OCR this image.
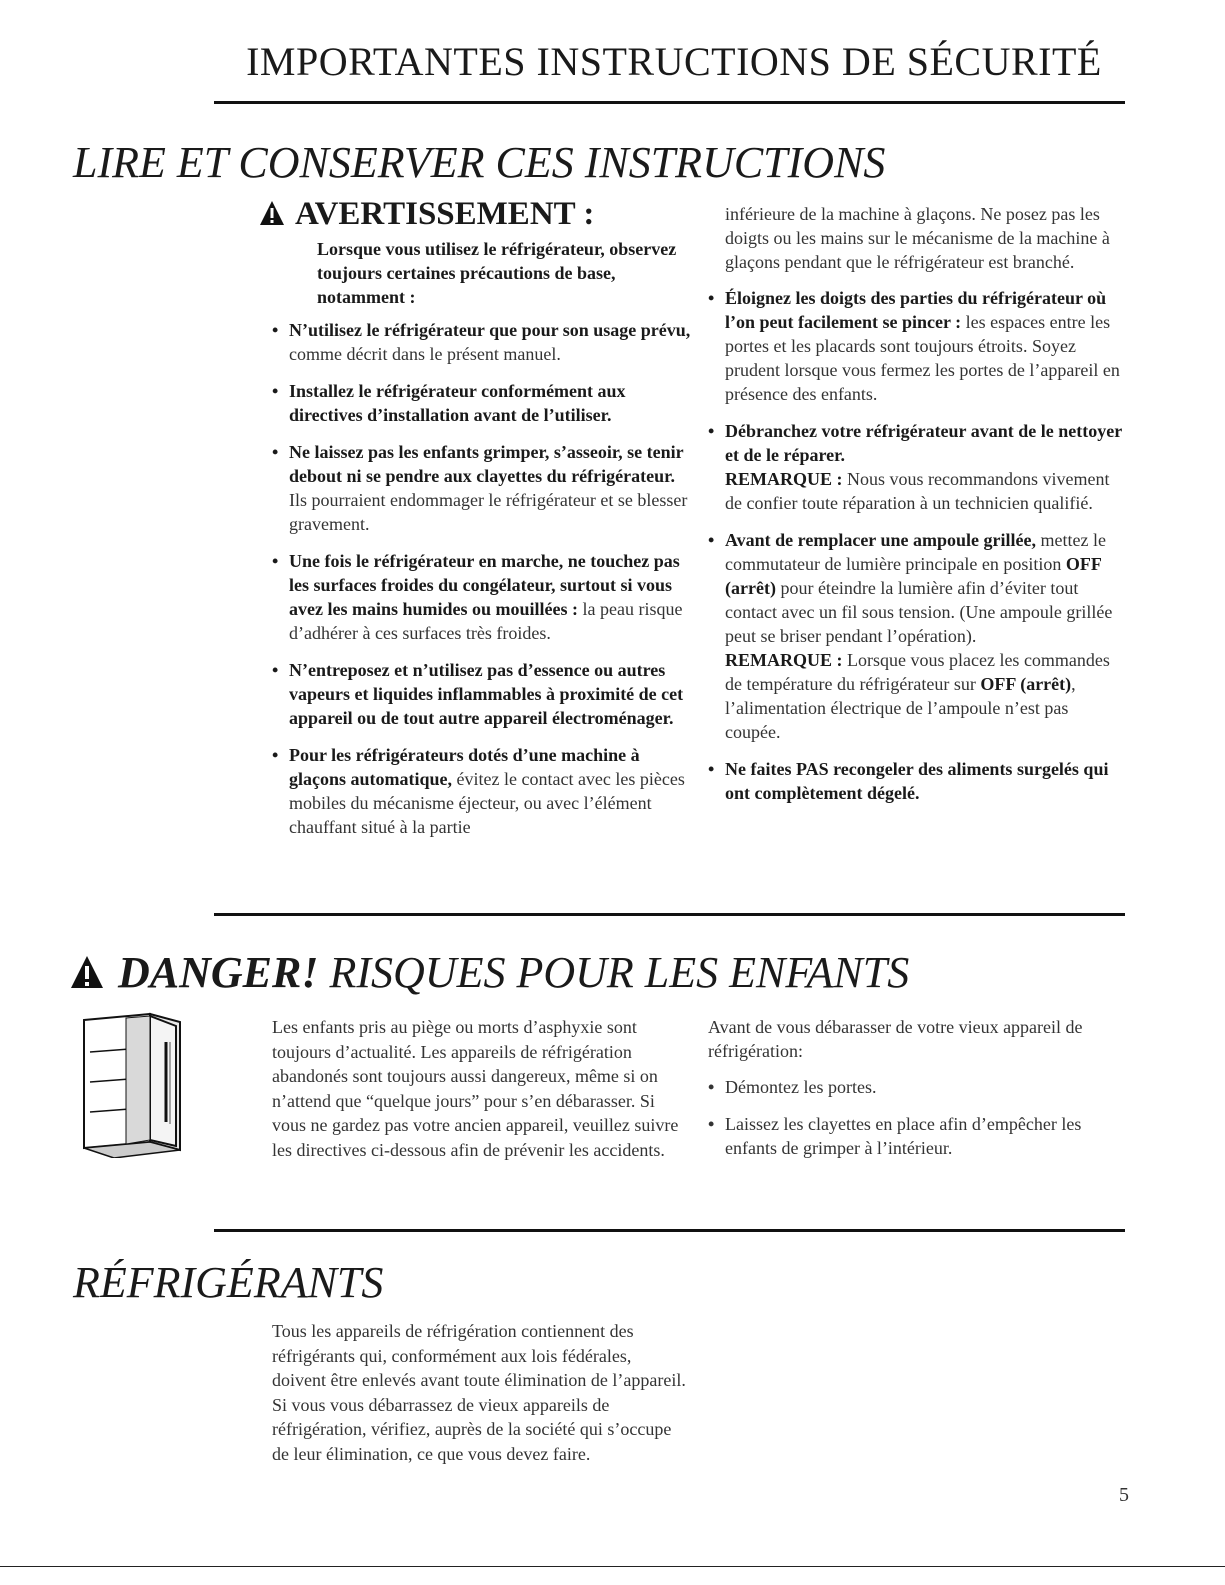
IMPORTANTES INSTRUCTIONS DE SÉCURITÉ
LIRE ET CONSERVER CES INSTRUCTIONS
AVERTISSEMENT :
Lorsque vous utilisez le réfrigérateur, observez toujours certaines précautions de base, notamment :
• N’utilisez le réfrigérateur que pour son usage prévu, comme décrit dans le présent manuel.
• Installez le réfrigérateur conformément aux directives d’installation avant de l’utiliser.
• Ne laissez pas les enfants grimper, s’asseoir, se tenir debout ni se pendre aux clayettes du réfrigérateur. Ils pourraient endommager le réfrigérateur et se blesser gravement.
• Une fois le réfrigérateur en marche, ne touchez pas les surfaces froides du congélateur, surtout si vous avez les mains humides ou mouillées : la peau risque d’adhérer à ces surfaces très froides.
• N’entreposez et n’utilisez pas d’essence ou autres vapeurs et liquides inflammables à proximité de cet appareil ou de tout autre appareil électroménager.
• Pour les réfrigérateurs dotés d’une machine à glaçons automatique, évitez le contact avec les pièces mobiles du mécanisme éjecteur, ou avec l’élément chauffant situé à la partie

inférieure de la machine à glaçons. Ne posez pas les doigts ou les mains sur le mécanisme de la machine à glaçons pendant que le réfrigérateur est branché.

• Éloignez les doigts des parties du réfrigérateur où l’on peut facilement se pincer : les espaces entre les portes et les placards sont toujours étroits. Soyez prudent lorsque vous fermez les portes de l’appareil en présence des enfants.
• Débranchez votre réfrigérateur avant de le nettoyer et de le réparer.
REMARQUE : Nous vous recommandons vivement de confier toute réparation à un technicien qualifié.
• Avant de remplacer une ampoule grillée, mettez le commutateur de lumière principale en position OFF (arrêt) pour éteindre la lumière afin d’éviter tout contact avec un fil sous tension. (Une ampoule grillée peut se briser pendant l’opération).
REMARQUE : Lorsque vous placez les commandes de température du réfrigérateur sur OFF (arrêt), l’alimentation électrique de l’ampoule n’est pas coupée.
• Ne faites PAS recongeler des aliments surgelés qui ont complètement dégelé.
DANGER! RISQUES POUR LES ENFANTS
Les enfants pris au piège ou morts d’asphyxie sont toujours d’actualité. Les appareils de réfrigération abandonés sont toujours aussi dangereux, même si on n’attend que “quelque jours” pour s’en débarasser. Si vous ne gardez pas votre ancien appareil, veuillez suivre les directives ci-dessous afin de prévenir les accidents.

Avant de vous débarasser de votre vieux appareil de réfrigération:

• Démontez les portes.
• Laissez les clayettes en place afin d’empêcher les enfants de grimper à l’intérieur.
RÉFRIGÉRANTS
Tous les appareils de réfrigération contiennent des réfrigérants qui, conformément aux lois fédérales, doivent être enlevés avant toute élimination de l’appareil. Si vous vous débarrassez de vieux appareils de réfrigération, vérifiez, auprès de la société qui s’occupe de leur élimination, ce que vous devez faire.
5
